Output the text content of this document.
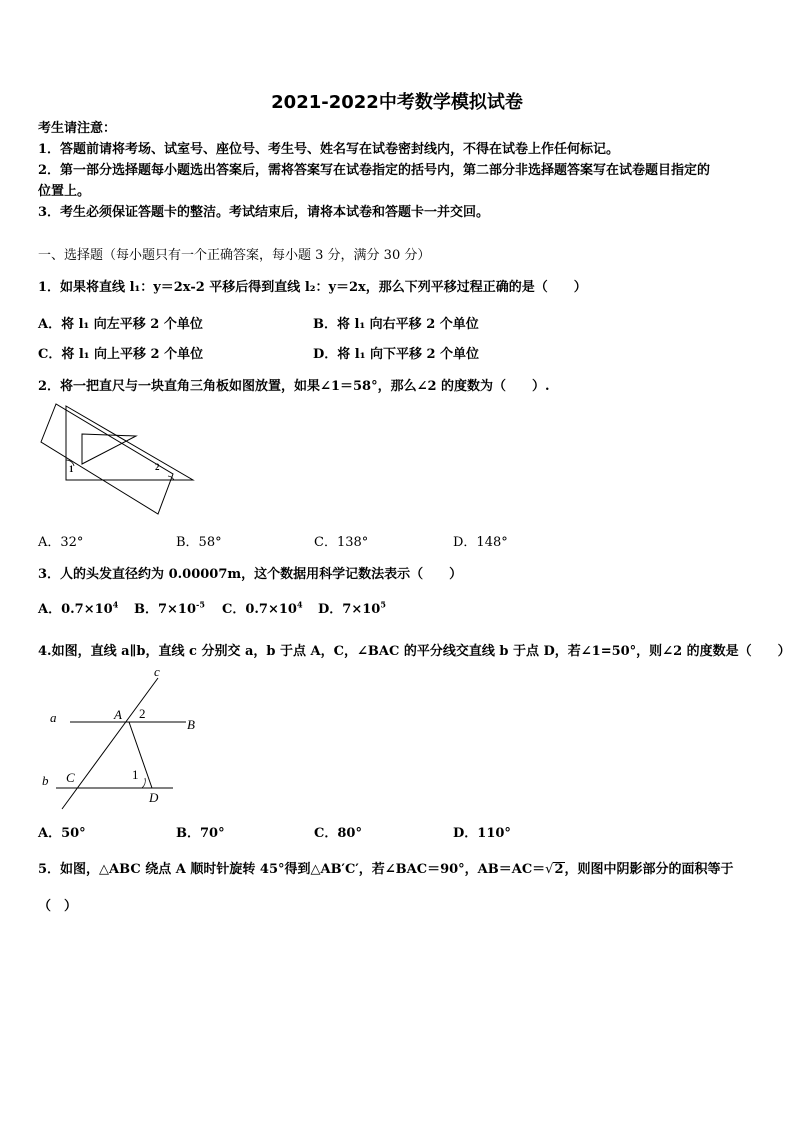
2021-2022中考数学模拟试卷
考生请注意：
1．答题前请将考场、试室号、座位号、考生号、姓名写在试卷密封线内，不得在试卷上作任何标记。
2．第一部分选择题每小题选出答案后，需将答案写在试卷指定的括号内，第二部分非选择题答案写在试卷题目指定的
位置上。
3．考生必须保证答题卡的整洁。考试结束后，请将本试卷和答题卡一并交回。
一、选择题（每小题只有一个正确答案，每小题 3 分，满分 30 分）
1．如果将直线 l₁：y＝2x-2 平移后得到直线 l₂：y＝2x，那么下列平移过程正确的是（　　）
A．将 l₁ 向左平移 2 个单位	B．将 l₁ 向右平移 2 个单位
C．将 l₁ 向上平移 2 个单位	D．将 l₁ 向下平移 2 个单位
2．将一把直尺与一块直角三角板如图放置，如果∠1＝58°，那么∠2 的度数为（　　）.
1	2
A．32°	B．58°	C．138°	D．148°
3．人的头发直径约为 0.00007m，这个数据用科学记数法表示（　　）
A．$0.7\times 10^4$ B．$7\times 10^{-5}$ C．$0.7\times 10^4$ D．$7\times 10^5$
4.如图，直线 a∥b，直线 c 分别交 a，b 于点 A，C，∠BAC 的平分线交直线 b 于点 D，若∠1=50°，则∠2 的度数是（　　）
c
a	A 2
B
b C	1
D
A．50°	B．70°	C．80°	D．110°
5．如图，△ABC 绕点 A 顺时针旋转 45°得到△AB′C′，若∠BAC＝90°，AB＝AC＝√2，则图中阴影部分的面积等于
（　）
